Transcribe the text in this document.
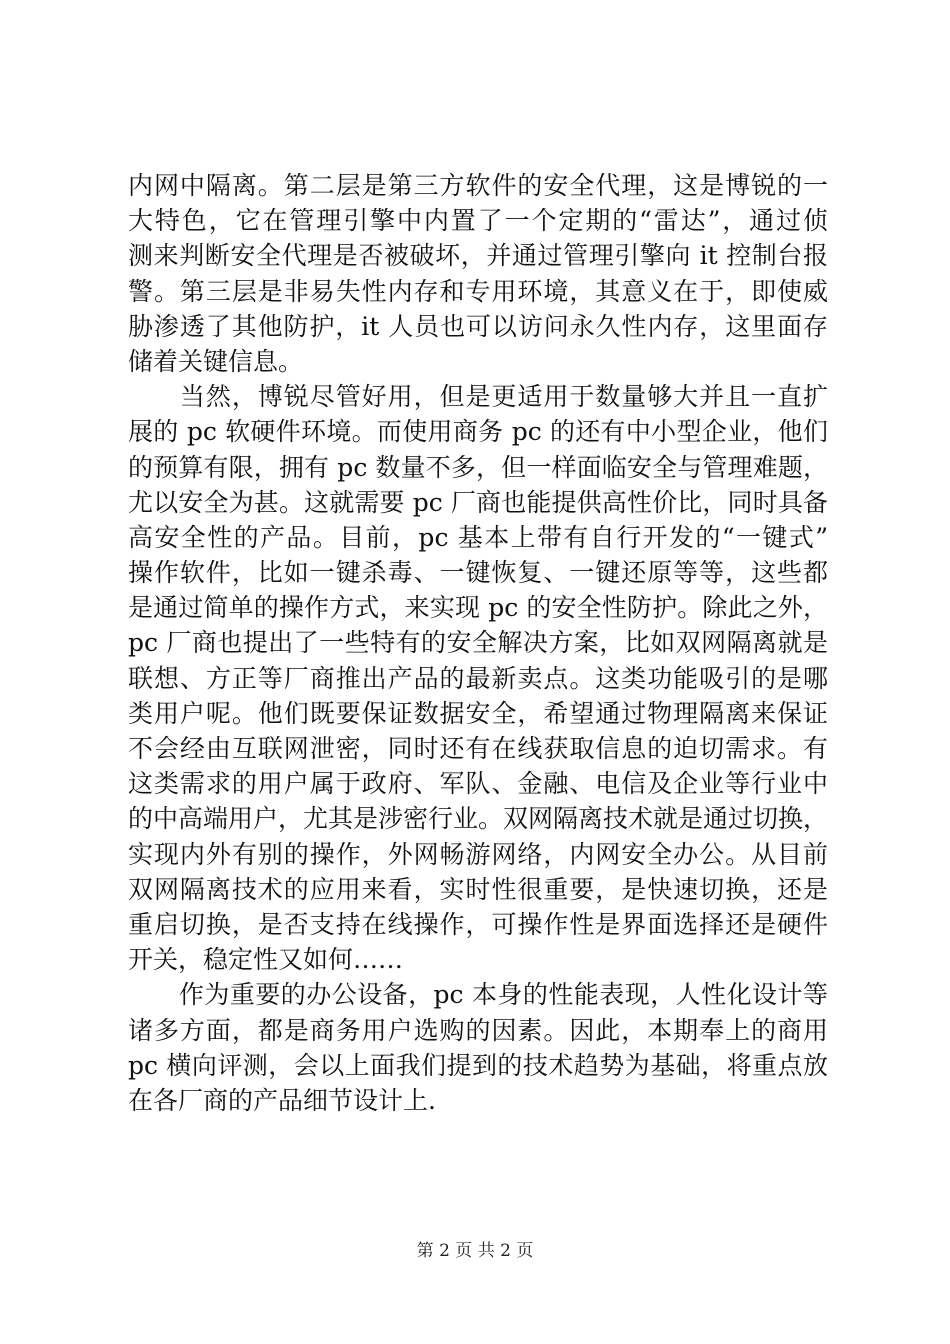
内网中隔离。第二层是第三方软件的安全代理，这是博锐的一
大特色，它在管理引擎中内置了一个定期的“雷达”，通过侦
测来判断安全代理是否被破坏，并通过管理引擎向 it 控制台报
警。第三层是非易失性内存和专用环境，其意义在于，即使威
胁渗透了其他防护，it 人员也可以访问永久性内存，这里面存
储着关键信息。
　　当然，博锐尽管好用，但是更适用于数量够大并且一直扩
展的 pc 软硬件环境。而使用商务 pc 的还有中小型企业，他们
的预算有限，拥有 pc 数量不多，但一样面临安全与管理难题，
尤以安全为甚。这就需要 pc 厂商也能提供高性价比，同时具备
高安全性的产品。目前，pc 基本上带有自行开发的“一键式”
操作软件，比如一键杀毒、一键恢复、一键还原等等，这些都
是通过简单的操作方式，来实现 pc 的安全性防护。除此之外，
pc 厂商也提出了一些特有的安全解决方案，比如双网隔离就是
联想、方正等厂商推出产品的最新卖点。这类功能吸引的是哪
类用户呢。他们既要保证数据安全，希望通过物理隔离来保证
不会经由互联网泄密，同时还有在线获取信息的迫切需求。有
这类需求的用户属于政府、军队、金融、电信及企业等行业中
的中高端用户，尤其是涉密行业。双网隔离技术就是通过切换，
实现内外有别的操作，外网畅游网络，内网安全办公。从目前
双网隔离技术的应用来看，实时性很重要，是快速切换，还是
重启切换，是否支持在线操作，可操作性是界面选择还是硬件
开关，稳定性又如何……
　　作为重要的办公设备，pc 本身的性能表现，人性化设计等
诸多方面，都是商务用户选购的因素。因此，本期奉上的商用
pc 横向评测，会以上面我们提到的技术趋势为基础，将重点放
在各厂商的产品细节设计上.
第 2 页 共 2 页
